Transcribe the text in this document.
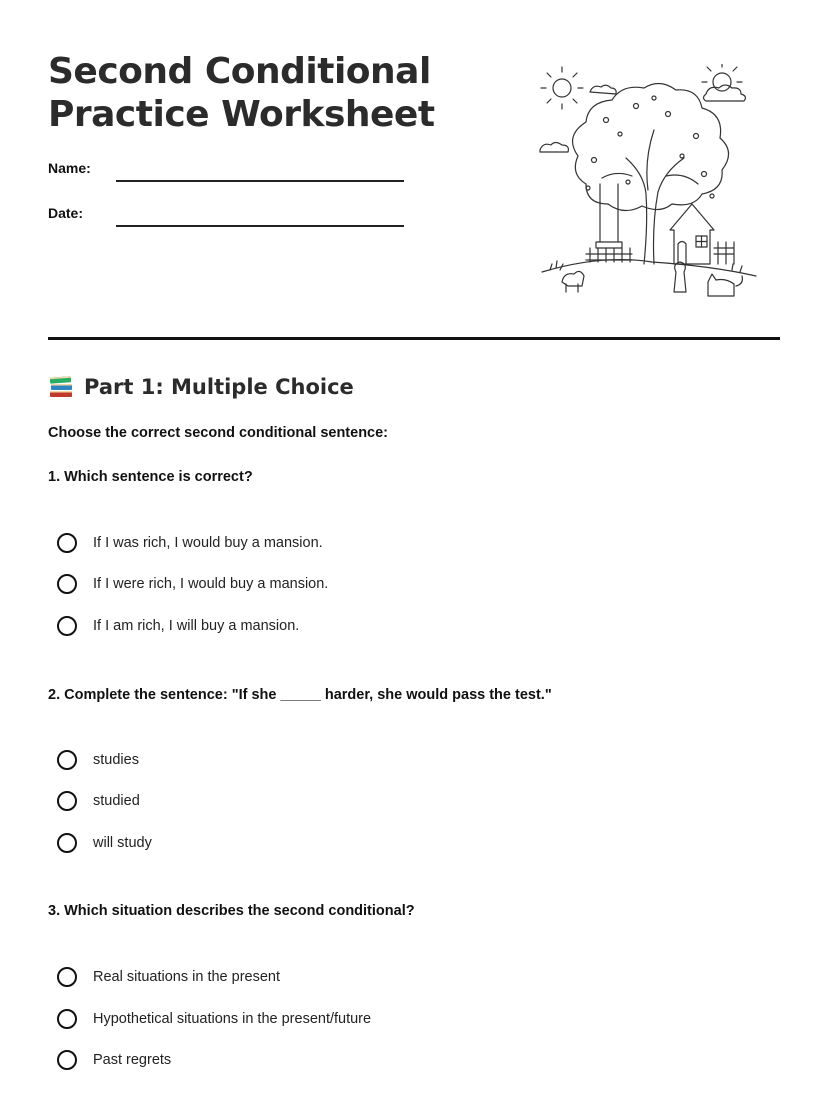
Second Conditional
Practice Worksheet
Name:
Date:
Part 1: Multiple Choice
Choose the correct second conditional sentence:
1. Which sentence is correct?
If I was rich, I would buy a mansion.
If I were rich, I would buy a mansion.
If I am rich, I will buy a mansion.
2. Complete the sentence: "If she _____ harder, she would pass the test."
studies
studied
will study
3. Which situation describes the second conditional?
Real situations in the present
Hypothetical situations in the present/future
Past regrets
